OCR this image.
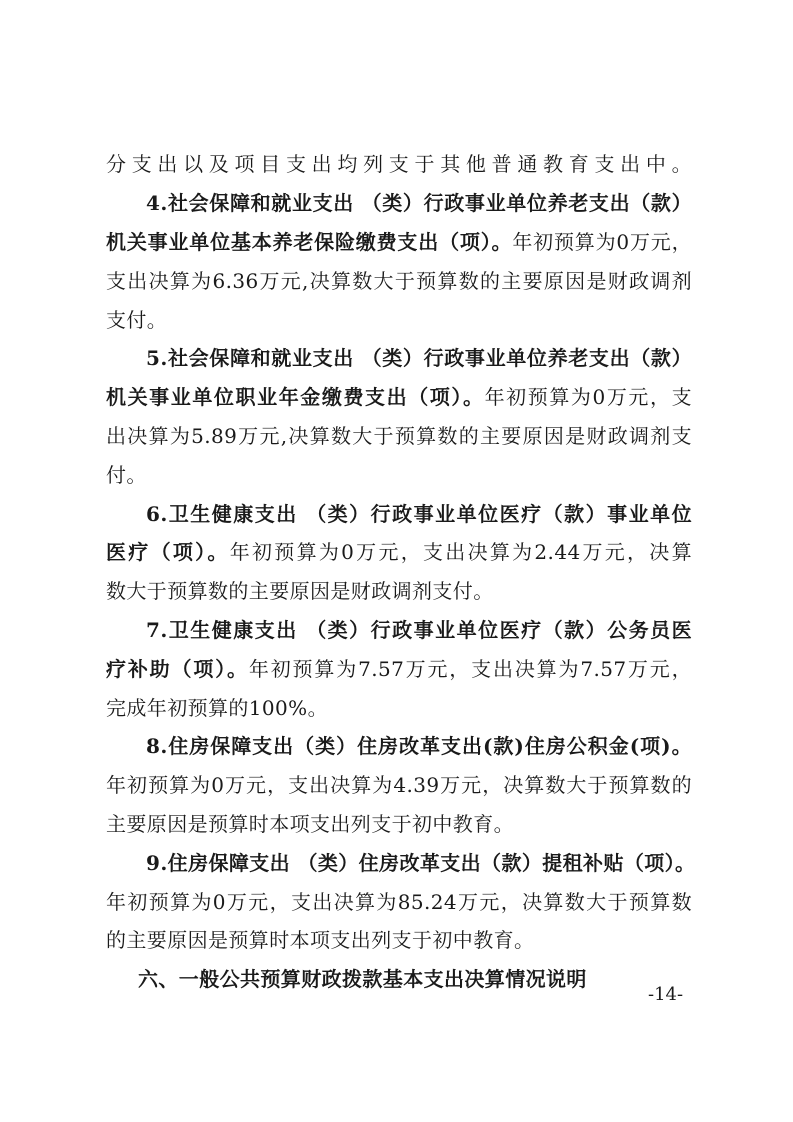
分支出以及项目支出均列支于其他普通教育支出中。
4.社会保障和就业支出 （类）行政事业单位养老支出（款）
机关事业单位基本养老保险缴费支出（项）。年初预算为0万元，
支出决算为6.36万元,决算数大于预算数的主要原因是财政调剂
支付。
5.社会保障和就业支出 （类）行政事业单位养老支出（款）
机关事业单位职业年金缴费支出（项）。年初预算为0万元，支
出决算为5.89万元,决算数大于预算数的主要原因是财政调剂支
付。
6.卫生健康支出 （类）行政事业单位医疗（款）事业单位
医疗（项）。年初预算为0万元，支出决算为2.44万元，决算
数大于预算数的主要原因是财政调剂支付。
7.卫生健康支出 （类）行政事业单位医疗（款）公务员医
疗补助（项）。年初预算为7.57万元，支出决算为7.57万元，
完成年初预算的100%。
8.住房保障支出（类）住房改革支出(款)住房公积金(项)。
年初预算为0万元，支出决算为4.39万元，决算数大于预算数的
主要原因是预算时本项支出列支于初中教育。
9.住房保障支出 （类）住房改革支出（款）提租补贴（项）。
年初预算为0万元，支出决算为85.24万元，决算数大于预算数
的主要原因是预算时本项支出列支于初中教育。
六、一般公共预算财政拨款基本支出决算情况说明
-14-
